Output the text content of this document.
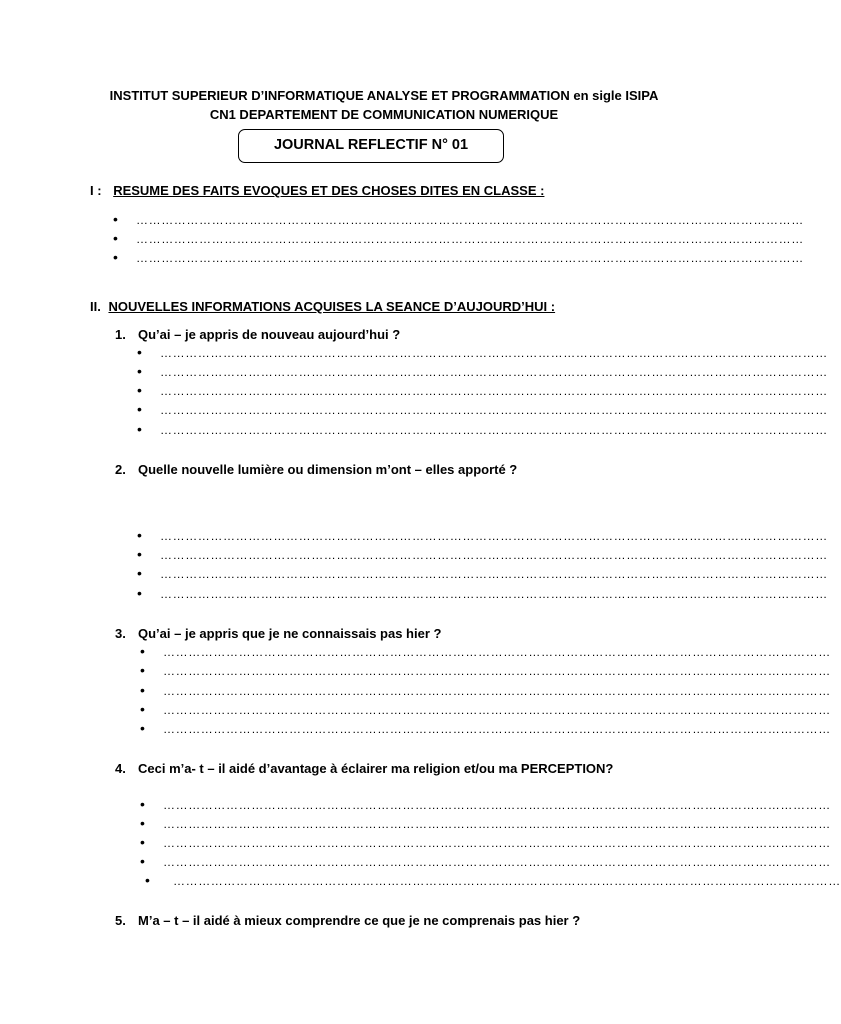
INSTITUT SUPERIEUR D’INFORMATIQUE ANALYSE ET PROGRAMMATION en sigle ISIPA
CN1 DEPARTEMENT DE COMMUNICATION NUMERIQUE
JOURNAL REFLECTIF N° 01
I : RESUME DES FAITS EVOQUES ET DES CHOSES DITES EN CLASSE :
• ……………………………………………………………………………………………………………………………………………
• ……………………………………………………………………………………………………………………………………………
• ……………………………………………………………………………………………………………………………………………
II. NOUVELLES INFORMATIONS ACQUISES LA SEANCE D’AUJOURD’HUI :
1. Qu’ai – je appris de nouveau aujourd’hui ?
• ……………………………………………………………………………………………………………………………………………
• ……………………………………………………………………………………………………………………………………………
• ……………………………………………………………………………………………………………………………………………
• ……………………………………………………………………………………………………………………………………………
• ……………………………………………………………………………………………………………………………………………
2. Quelle nouvelle lumière ou dimension m’ont – elles apporté ?
• ……………………………………………………………………………………………………………………………………………
• ……………………………………………………………………………………………………………………………………………
• ……………………………………………………………………………………………………………………………………………
• ……………………………………………………………………………………………………………………………………………
3. Qu’ai – je appris que je ne connaissais pas hier ?
• ……………………………………………………………………………………………………………………………………………
• ……………………………………………………………………………………………………………………………………………
• ……………………………………………………………………………………………………………………………………………
• ……………………………………………………………………………………………………………………………………………
• ……………………………………………………………………………………………………………………………………………
4. Ceci m’a- t – il aidé d’avantage à éclairer ma religion et/ou ma PERCEPTION?
• ……………………………………………………………………………………………………………………………………………
• ……………………………………………………………………………………………………………………………………………
• ……………………………………………………………………………………………………………………………………………
• ……………………………………………………………………………………………………………………………………………
• ……………………………………………………………………………………………………………………………………………
5. M’a – t – il aidé à mieux comprendre ce que je ne comprenais pas hier ?
